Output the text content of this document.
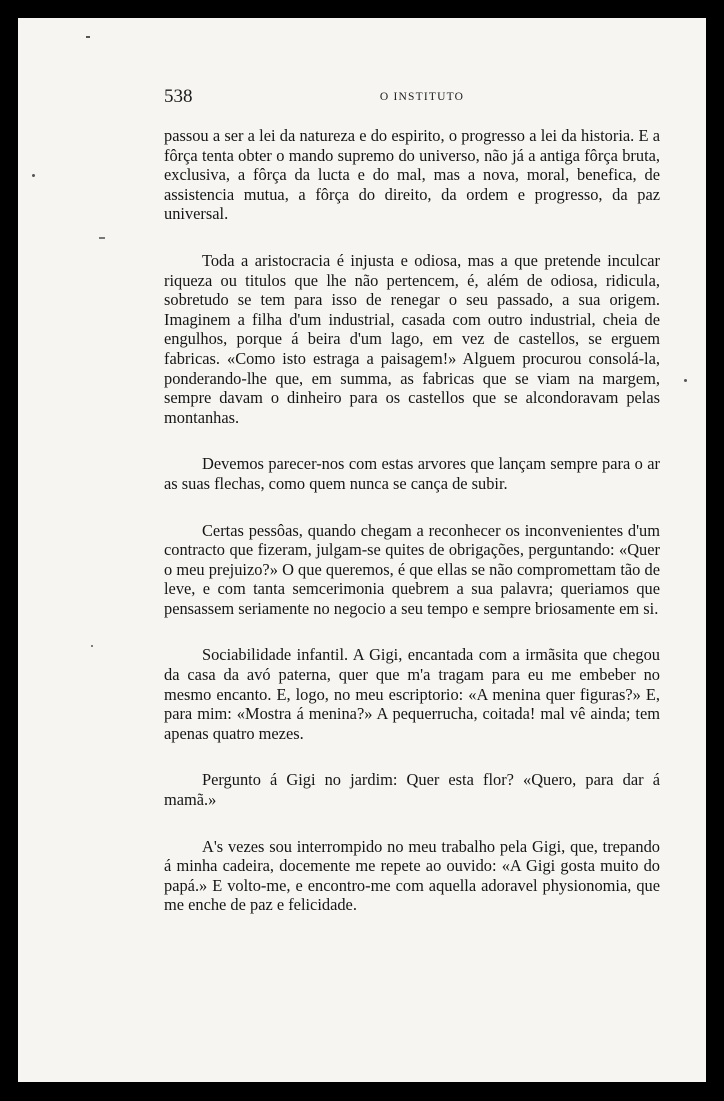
538	O INSTITUTO

passou a ser a lei da natureza e do espirito, o progresso a lei da historia. E a fôrça tenta obter o mando supremo do universo, não já a antiga fôrça bruta, exclusiva, a fôrça da lucta e do mal, mas a nova, moral, benefica, de assistencia mutua, a fôrça do direito, da ordem e progresso, da paz universal.

Toda a aristocracia é injusta e odiosa, mas a que pretende inculcar riqueza ou titulos que lhe não pertencem, é, além de odiosa, ridicula, sobretudo se tem para isso de renegar o seu passado, a sua origem. Imaginem a filha d'um industrial, casada com outro industrial, cheia de engulhos, porque á beira d'um lago, em vez de castellos, se erguem fabricas. «Como isto estraga a paisagem!» Alguem procurou consolá-la, ponderando-lhe que, em summa, as fabricas que se viam na margem, sempre davam o dinheiro para os castellos que se alcondoravam pelas montanhas.

Devemos parecer-nos com estas arvores que lançam sempre para o ar as suas flechas, como quem nunca se cança de subir.

Certas pessôas, quando chegam a reconhecer os inconvenientes d'um contracto que fizeram, julgam-se quites de obrigações, perguntando: «Quer o meu prejuizo?» O que queremos, é que ellas se não compromettam tão de leve, e com tanta semcerimonia quebrem a sua palavra; queriamos que pensassem seriamente no negocio a seu tempo e sempre briosamente em si.

Sociabilidade infantil. A Gigi, encantada com a irmãsita que chegou da casa da avó paterna, quer que m'a tragam para eu me embeber no mesmo encanto. E, logo, no meu escriptorio: «A menina quer figuras?» E, para mim: «Mostra á menina?» A pequerrucha, coitada! mal vê ainda; tem apenas quatro mezes.

Pergunto á Gigi no jardim: Quer esta flor? «Quero, para dar á mamã.»

A's vezes sou interrompido no meu trabalho pela Gigi, que, trepando á minha cadeira, docemente me repete ao ouvido: «A Gigi gosta muito do papá.» E volto-me, e encontro-me com aquella adoravel physionomia, que me enche de paz e felicidade.
